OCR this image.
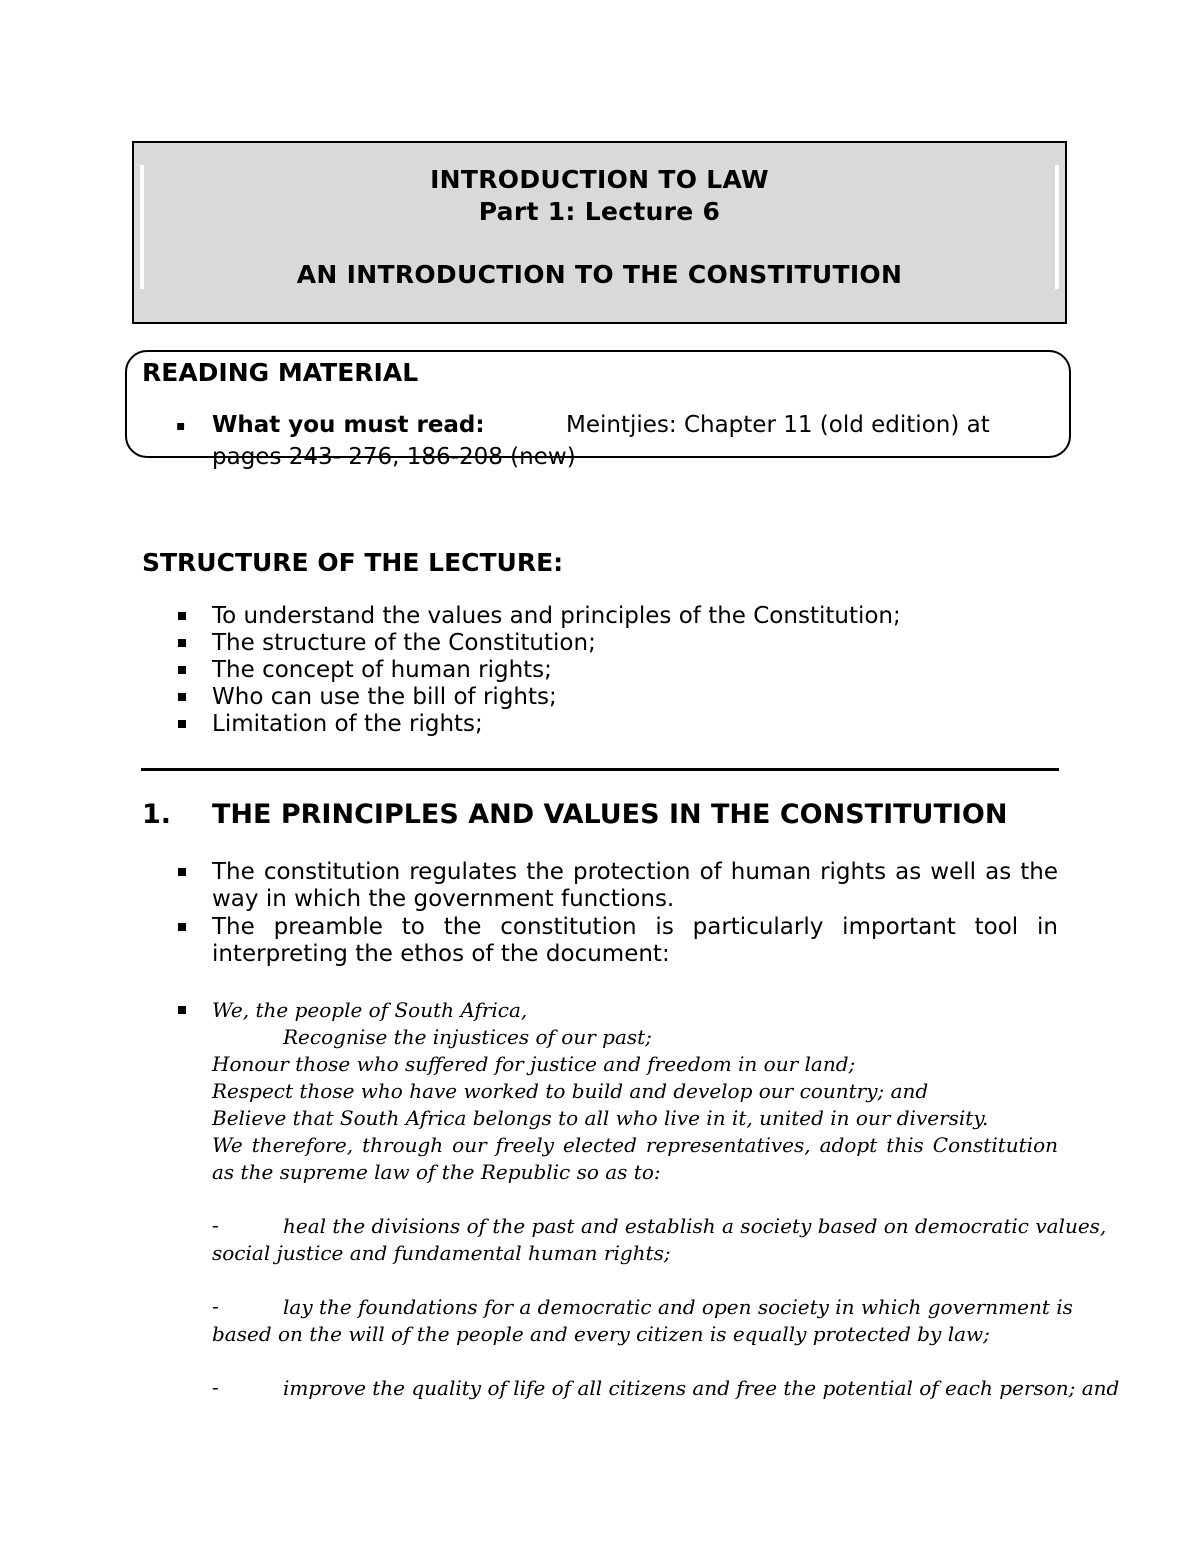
INTRODUCTION TO LAW
Part 1: Lecture 6
AN INTRODUCTION TO THE CONSTITUTION
READING MATERIAL
▪ What you must read:	Meintjies: Chapter 11 (old edition) at
pages 243- 276, 186-208 (new)
STRUCTURE OF THE LECTURE:
To understand the values and principles of the Constitution;
The structure of the Constitution;
The concept of human rights;
Who can use the bill of rights;
Limitation of the rights;
1. THE PRINCIPLES AND VALUES IN THE CONSTITUTION
The constitution regulates the protection of human rights as well as the way in which the government functions.
The preamble to the constitution is particularly important tool in interpreting the ethos of the document:
We, the people of South Africa,
Recognise the injustices of our past;
Honour those who suffered for justice and freedom in our land;
Respect those who have worked to build and develop our country; and
Believe that South Africa belongs to all who live in it, united in our diversity.
We therefore, through our freely elected representatives, adopt this Constitution as the supreme law of the Republic so as to:
-	heal the divisions of the past and establish a society based on democratic values,
social justice and fundamental human rights;
-	lay the foundations for a democratic and open society in which government is
based on the will of the people and every citizen is equally protected by law;
-	improve the quality of life of all citizens and free the potential of each person; and
